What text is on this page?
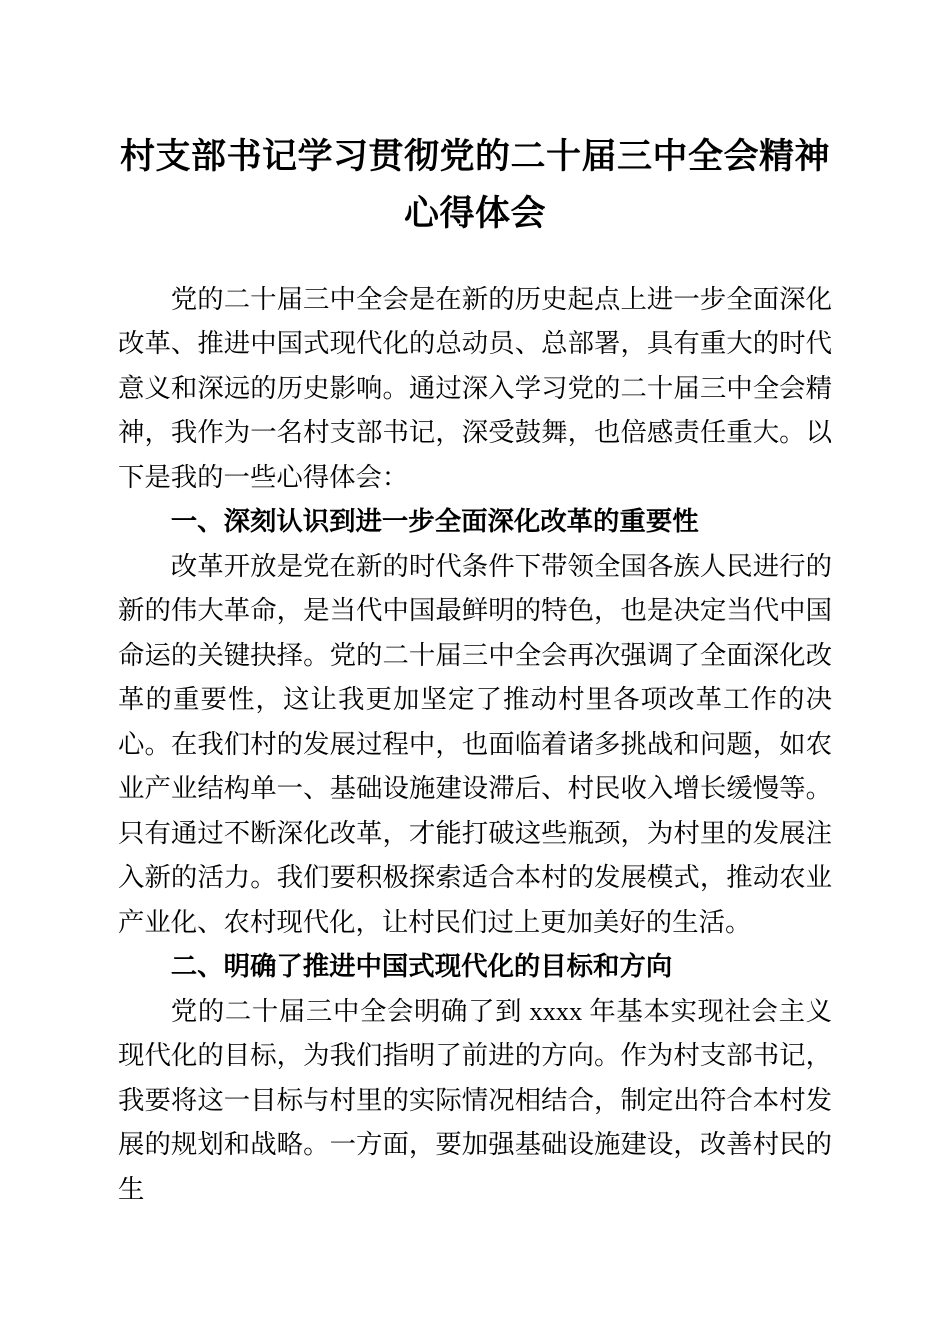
村支部书记学习贯彻党的二十届三中全会精神心得体会

党的二十届三中全会是在新的历史起点上进一步全面深化改革、推进中国式现代化的总动员、总部署，具有重大的时代意义和深远的历史影响。通过深入学习党的二十届三中全会精神，我作为一名村支部书记，深受鼓舞，也倍感责任重大。以下是我的一些心得体会：

一、深刻认识到进一步全面深化改革的重要性

改革开放是党在新的时代条件下带领全国各族人民进行的新的伟大革命，是当代中国最鲜明的特色，也是决定当代中国命运的关键抉择。党的二十届三中全会再次强调了全面深化改革的重要性，这让我更加坚定了推动村里各项改革工作的决心。在我们村的发展过程中，也面临着诸多挑战和问题，如农业产业结构单一、基础设施建设滞后、村民收入增长缓慢等。只有通过不断深化改革，才能打破这些瓶颈，为村里的发展注入新的活力。我们要积极探索适合本村的发展模式，推动农业产业化、农村现代化，让村民们过上更加美好的生活。

二、明确了推进中国式现代化的目标和方向

党的二十届三中全会明确了到 xxxx 年基本实现社会主义现代化的目标，为我们指明了前进的方向。作为村支部书记，我要将这一目标与村里的实际情况相结合，制定出符合本村发展的规划和战略。一方面，要加强基础设施建设，改善村民的生
